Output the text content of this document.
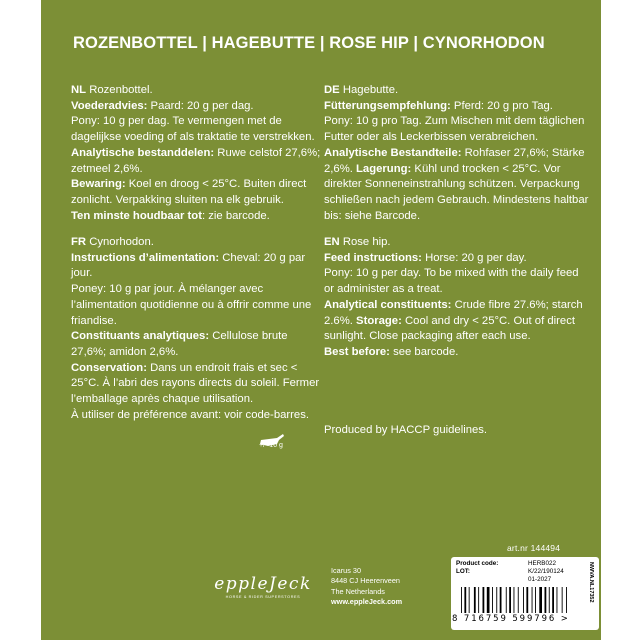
ROZENBOTTEL | HAGEBUTTE | ROSE HIP | CYNORHODON

NL Rozenbottel.

Voederadvies: Paard: 20 g per dag.

Pony: 10 g per dag. Te vermengen met de dagelijkse voeding of als traktatie te verstrekken.

Analytische bestanddelen: Ruwe celstof 27,6%; zetmeel 2,6%.

Bewaring: Koel en droog < 25°C. Buiten direct zonlicht. Verpakking sluiten na elk gebruik.

Ten minste houdbaar tot: zie barcode.

DE Hagebutte.

Fütterungsempfehlung: Pferd: 20 g pro Tag.

Pony: 10 g pro Tag. Zum Mischen mit dem täglichen Futter oder als Leckerbissen verabreichen.

Analytische Bestandteile: Rohfaser 27,6%; Stärke 2,6%. Lagerung: Kühl und trocken < 25°C. Vor direkter Sonneneinstrahlung schützen. Verpackung schließen nach jedem Gebrauch. Mindestens haltbar bis: siehe Barcode.

FR Cynorhodon.

Instructions d’alimentation: Cheval: 20 g par jour.

Poney: 10 g par jour. À mélanger avec l’alimentation quotidienne ou à offrir comme une friandise.

Constituants analytiques: Cellulose brute 27,6%; amidon 2,6%.

Conservation: Dans un endroit frais et sec < 25°C. À l’abri des rayons directs du soleil. Fermer l’emballage après chaque utilisation.

À utiliser de préférence avant: voir code-barres.

EN Rose hip.

Feed instructions: Horse: 20 g per day.

Pony: 10 g per day. To be mixed with the daily feed or administer as a treat.

Analytical constituents: Crude fibre 27.6%; starch 2.6%. Storage: Cool and dry < 25°C. Out of direct sunlight. Close packaging after each use.

Best before: see barcode.

+/- 10 g
Produced by HACCP guidelines.
art.nr 144494
eppleJeck
HORSE & RIDER SUPERSTORES
Icarus 30
8448 CJ Heerenveen
The Netherlands
www.eppleJeck.com
Product code:	HERB022
LOT:	K/22/190124
01-2027	NWVA.NL17352
8 716759 599796 >
